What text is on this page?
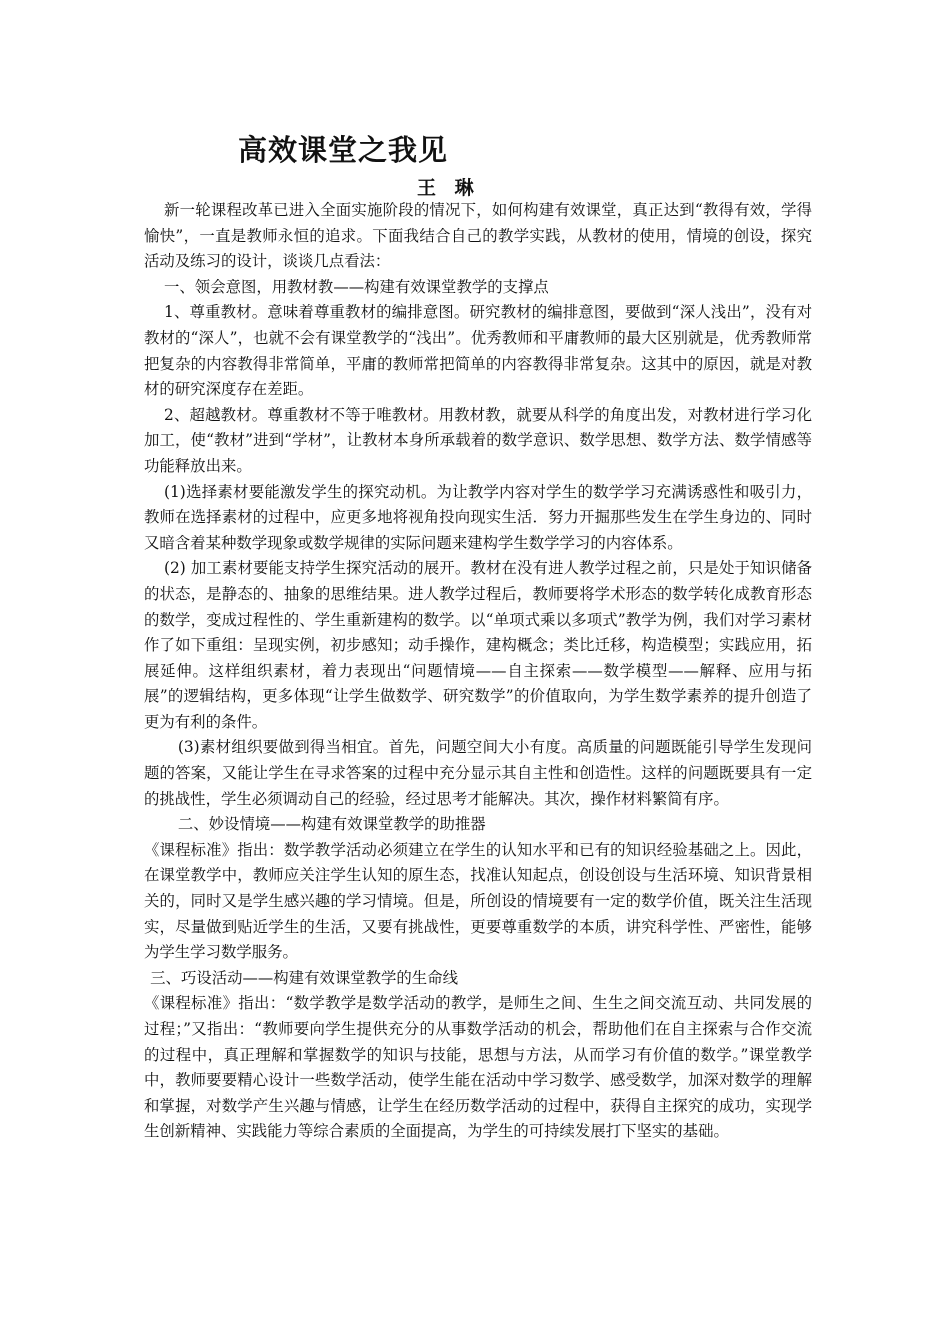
高效课堂之我见
王 琳

新一轮课程改革已进入全面实施阶段的情况下，如何构建有效课堂，真正达到“教得有效，学得愉快”，一直是教师永恒的追求。下面我结合自己的教学实践，从教材的使用，情境的创设，探究活动及练习的设计，谈谈几点看法：

一、领会意图，用教材教——构建有效课堂教学的支撑点

1、尊重教材。意味着尊重教材的编排意图。研究教材的编排意图，要做到“深人浅出”，没有对教材的“深人”，也就不会有课堂教学的“浅出”。优秀教师和平庸教师的最大区别就是，优秀教师常把复杂的内容教得非常简单，平庸的教师常把简单的内容教得非常复杂。这其中的原因，就是对教材的研究深度存在差距。

2、超越教材。尊重教材不等于唯教材。用教材教，就要从科学的角度出发，对教材进行学习化加工，使“教材”进到“学材”，让教材本身所承载着的数学意识、数学思想、数学方法、数学情感等功能释放出来。

(1)选择素材要能激发学生的探究动机。为让教学内容对学生的数学学习充满诱惑性和吸引力，教师在选择素材的过程中，应更多地将视角投向现实生活．努力开掘那些发生在学生身边的、同时又暗含着某种数学现象或数学规律的实际问题来建构学生数学学习的内容体系。

(2) 加工素材要能支持学生探究活动的展开。教材在没有进人教学过程之前，只是处于知识储备的状态，是静态的、抽象的思维结果。进人教学过程后，教师要将学术形态的数学转化成教育形态的数学，变成过程性的、学生重新建构的数学。以“单项式乘以多项式”教学为例，我们对学习素材作了如下重组：呈现实例，初步感知；动手操作，建构概念；类比迁移，构造模型；实践应用，拓展延伸。这样组织素材，着力表现出“问题情境——自主探索——数学模型——解释、应用与拓展”的逻辑结构，更多体现“让学生做数学、研究数学”的价值取向，为学生数学素养的提升创造了更为有利的条件。

(3)素材组织要做到得当相宜。首先，问题空间大小有度。高质量的问题既能引导学生发现问题的答案，又能让学生在寻求答案的过程中充分显示其自主性和创造性。这样的问题既要具有一定的挑战性，学生必须调动自己的经验，经过思考才能解决。其次，操作材料繁简有序。

二、妙设情境——构建有效课堂教学的助推器

《课程标准》指出：数学教学活动必须建立在学生的认知水平和已有的知识经验基础之上。因此，在课堂教学中，教师应关注学生认知的原生态，找准认知起点，创设创设与生活环境、知识背景相关的，同时又是学生感兴趣的学习情境。但是，所创设的情境要有一定的数学价值，既关注生活现实，尽量做到贴近学生的生活，又要有挑战性，更要尊重数学的本质，讲究科学性、严密性，能够为学生学习数学服务。

三、巧设活动——构建有效课堂教学的生命线

《课程标准》指出：“数学教学是数学活动的教学，是师生之间、生生之间交流互动、共同发展的过程；”又指出：“教师要向学生提供充分的从事数学活动的机会，帮助他们在自主探索与合作交流的过程中，真正理解和掌握数学的知识与技能，思想与方法，从而学习有价值的数学。”课堂教学中，教师要要精心设计一些数学活动，使学生能在活动中学习数学、感受数学，加深对数学的理解和掌握，对数学产生兴趣与情感，让学生在经历数学活动的过程中，获得自主探究的成功，实现学生创新精神、实践能力等综合素质的全面提高，为学生的可持续发展打下坚实的基础。
